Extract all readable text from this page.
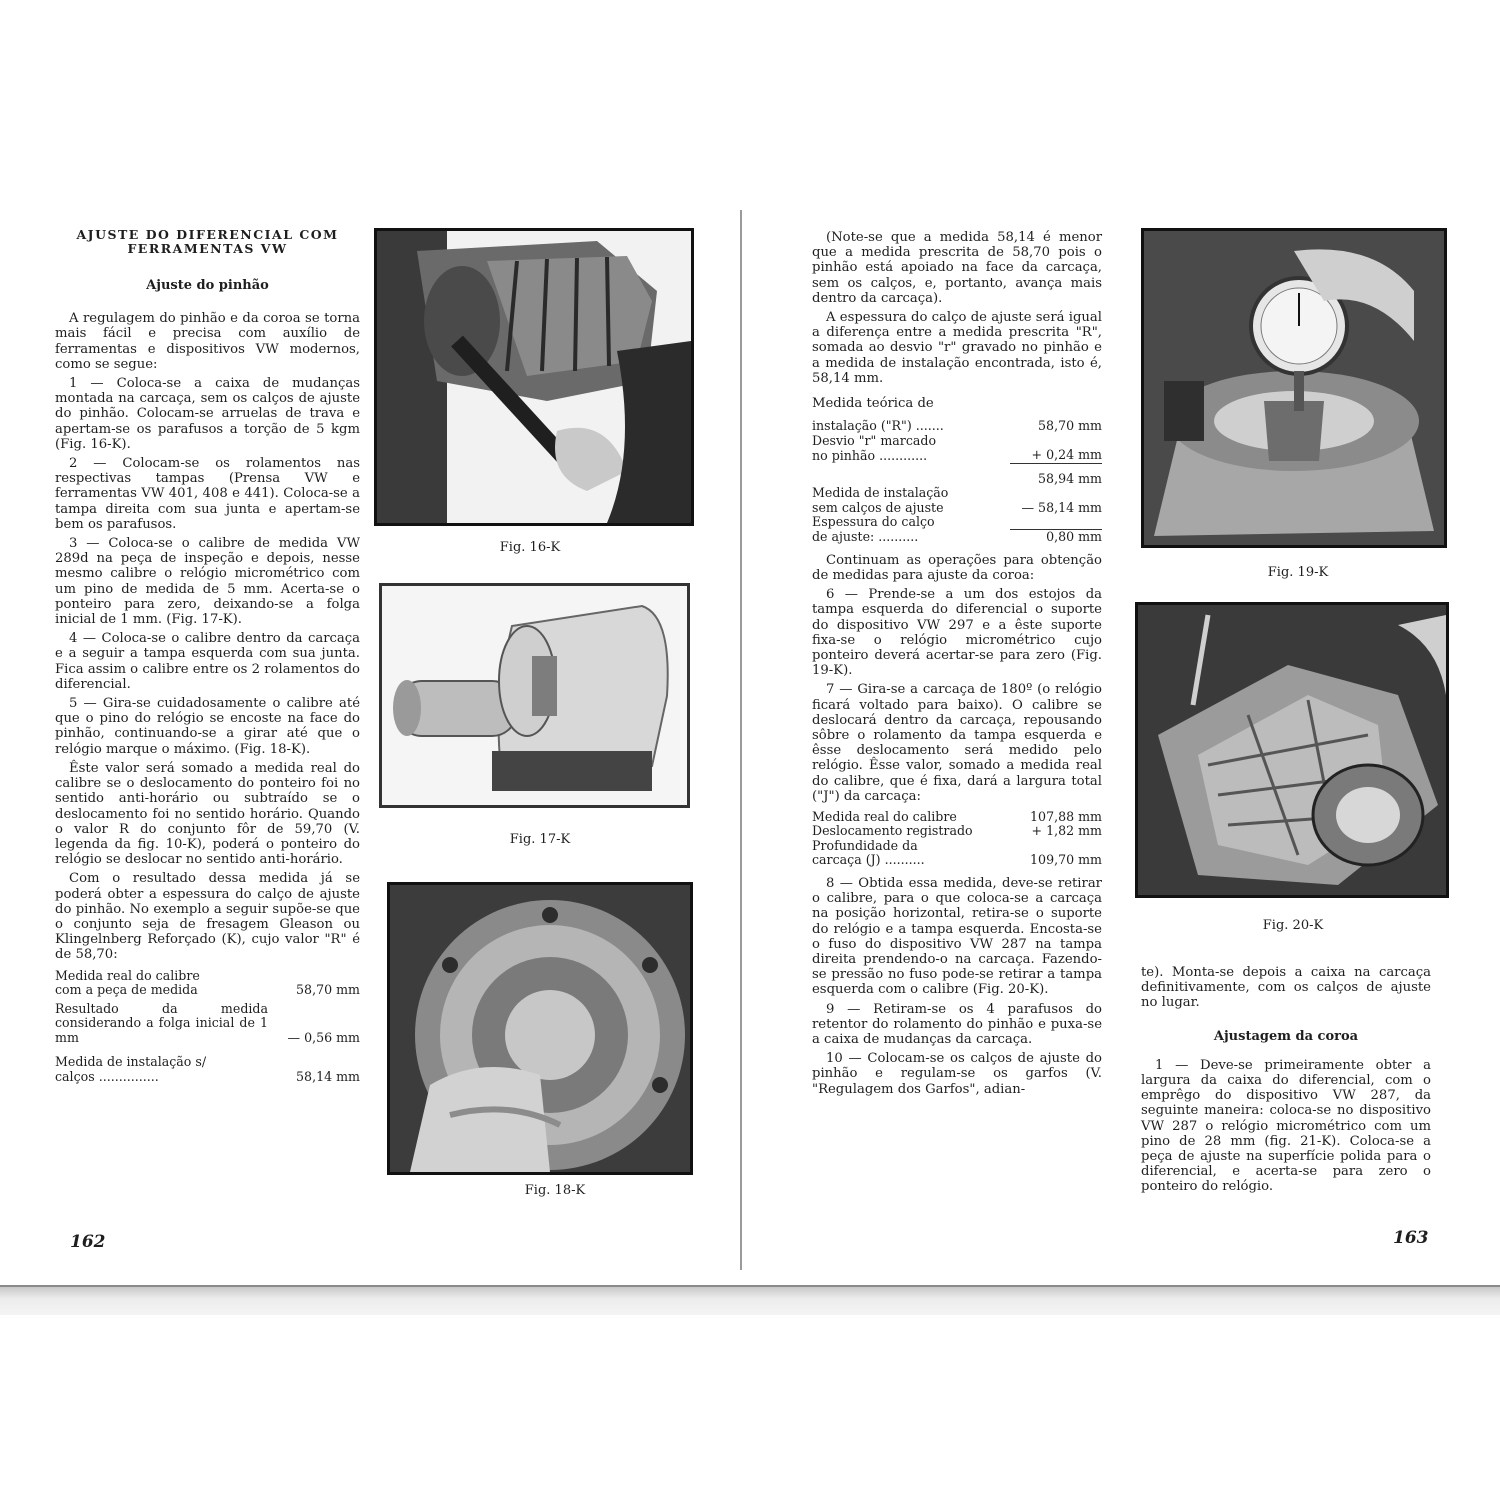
AJUSTE DO DIFERENCIAL COM
FERRAMENTAS VW
Ajuste do pinhão

A regulagem do pinhão e da coroa se torna mais fácil e precisa com auxílio de ferramentas e dispositivos VW modernos, como se segue:

1 — Coloca-se a caixa de mudanças montada na carcaça, sem os calços de ajuste do pinhão. Colocam-se arruelas de trava e apertam-se os parafusos a torção de 5 kgm (Fig. 16-K).

2 — Colocam-se os rolamentos nas respectivas tampas (Prensa VW e ferramentas VW 401, 408 e 441). Coloca-se a tampa direita com sua junta e apertam-se bem os parafusos.

3 — Coloca-se o calibre de medida VW 289d na peça de inspeção e depois, nesse mesmo calibre o relógio micrométrico com um pino de medida de 5 mm. Acerta-se o ponteiro para zero, deixando-se a folga inicial de 1 mm. (Fig. 17-K).

4 — Coloca-se o calibre dentro da carcaça e a seguir a tampa esquerda com sua junta. Fica assim o calibre entre os 2 rolamentos do diferencial.

5 — Gira-se cuidadosamente o calibre até que o pino do relógio se encoste na face do pinhão, continuando-se a girar até que o relógio marque o máximo. (Fig. 18-K).

Êste valor será somado a medida real do calibre se o deslocamento do ponteiro foi no sentido anti-horário ou subtraído se o deslocamento foi no sentido horário. Quando o valor R do conjunto fôr de 59,70 (V. legenda da fig. 10-K), poderá o ponteiro do relógio se deslocar no sentido anti-horário.

Com o resultado dessa medida já se poderá obter a espessura do calço de ajuste do pinhão. No exemplo a seguir supõe-se que o conjunto seja de fresagem Gleason ou Klingelnberg Reforçado (K), cujo valor "R" é de 58,70:

Medida real do calibre	
com a peça de medida	58,70 mm
Resultado da medida considerando a folga inicial de 1 mm	— 0,56 mm
Medida de instalação s/	
calços ...............	58,14 mm
Fig. 16-K
Fig. 17-K
Fig. 18-K
162

(Note-se que a medida 58,14 é menor que a medida prescrita de 58,70 pois o pinhão está apoiado na face da carcaça, sem os calços, e, portanto, avança mais dentro da carcaça).

A espessura do calço de ajuste será igual a diferença entre a medida prescrita "R", somada ao desvio "r" gravado no pinhão e a medida de instalação encontrada, isto é, 58,14 mm.

Medida teórica de
instalação ("R") .......	58,70 mm
Desvio "r" marcado	
no pinhão ............	+ 0,24 mm
	58,94 mm
Medida de instalação	
sem calços de ajuste	— 58,14 mm
Espessura do calço	
de ajuste: ..........	0,80 mm

Continuam as operações para obtenção de medidas para ajuste da coroa:

6 — Prende-se a um dos estojos da tampa esquerda do diferencial o suporte do dispositivo VW 297 e a êste suporte fixa-se o relógio micrométrico cujo ponteiro deverá acertar-se para zero (Fig. 19-K).

7 — Gira-se a carcaça de 180º (o relógio ficará voltado para baixo). O calibre se deslocará dentro da carcaça, repousando sôbre o rolamento da tampa esquerda e êsse deslocamento será medido pelo relógio. Êsse valor, somado a medida real do calibre, que é fixa, dará a largura total ("J") da carcaça:

Medida real do calibre	107,88 mm
Deslocamento registrado	+ 1,82 mm
Profundidade da	
carcaça (J) ..........	109,70 mm

8 — Obtida essa medida, deve-se retirar o calibre, para o que coloca-se a carcaça na posição horizontal, retira-se o suporte do relógio e a tampa esquerda. Encosta-se o fuso do dispositivo VW 287 na tampa direita prendendo-o na carcaça. Fazendo-se pressão no fuso pode-se retirar a tampa esquerda com o calibre (Fig. 20-K).

9 — Retiram-se os 4 parafusos do retentor do rolamento do pinhão e puxa-se a caixa de mudanças da carcaça.

10 — Colocam-se os calços de ajuste do pinhão e regulam-se os garfos (V. "Regulagem dos Garfos", adian-

Fig. 19-K
Fig. 20-K

te). Monta-se depois a caixa na carcaça definitivamente, com os calços de ajuste no lugar.

Ajustagem da coroa

1 — Deve-se primeiramente obter a largura da caixa do diferencial, com o emprêgo do dispositivo VW 287, da seguinte maneira: coloca-se no dispositivo VW 287 o relógio micrométrico com um pino de 28 mm (fig. 21-K). Coloca-se a peça de ajuste na superfície polida para o diferencial, e acerta-se para zero o ponteiro do relógio.

163
